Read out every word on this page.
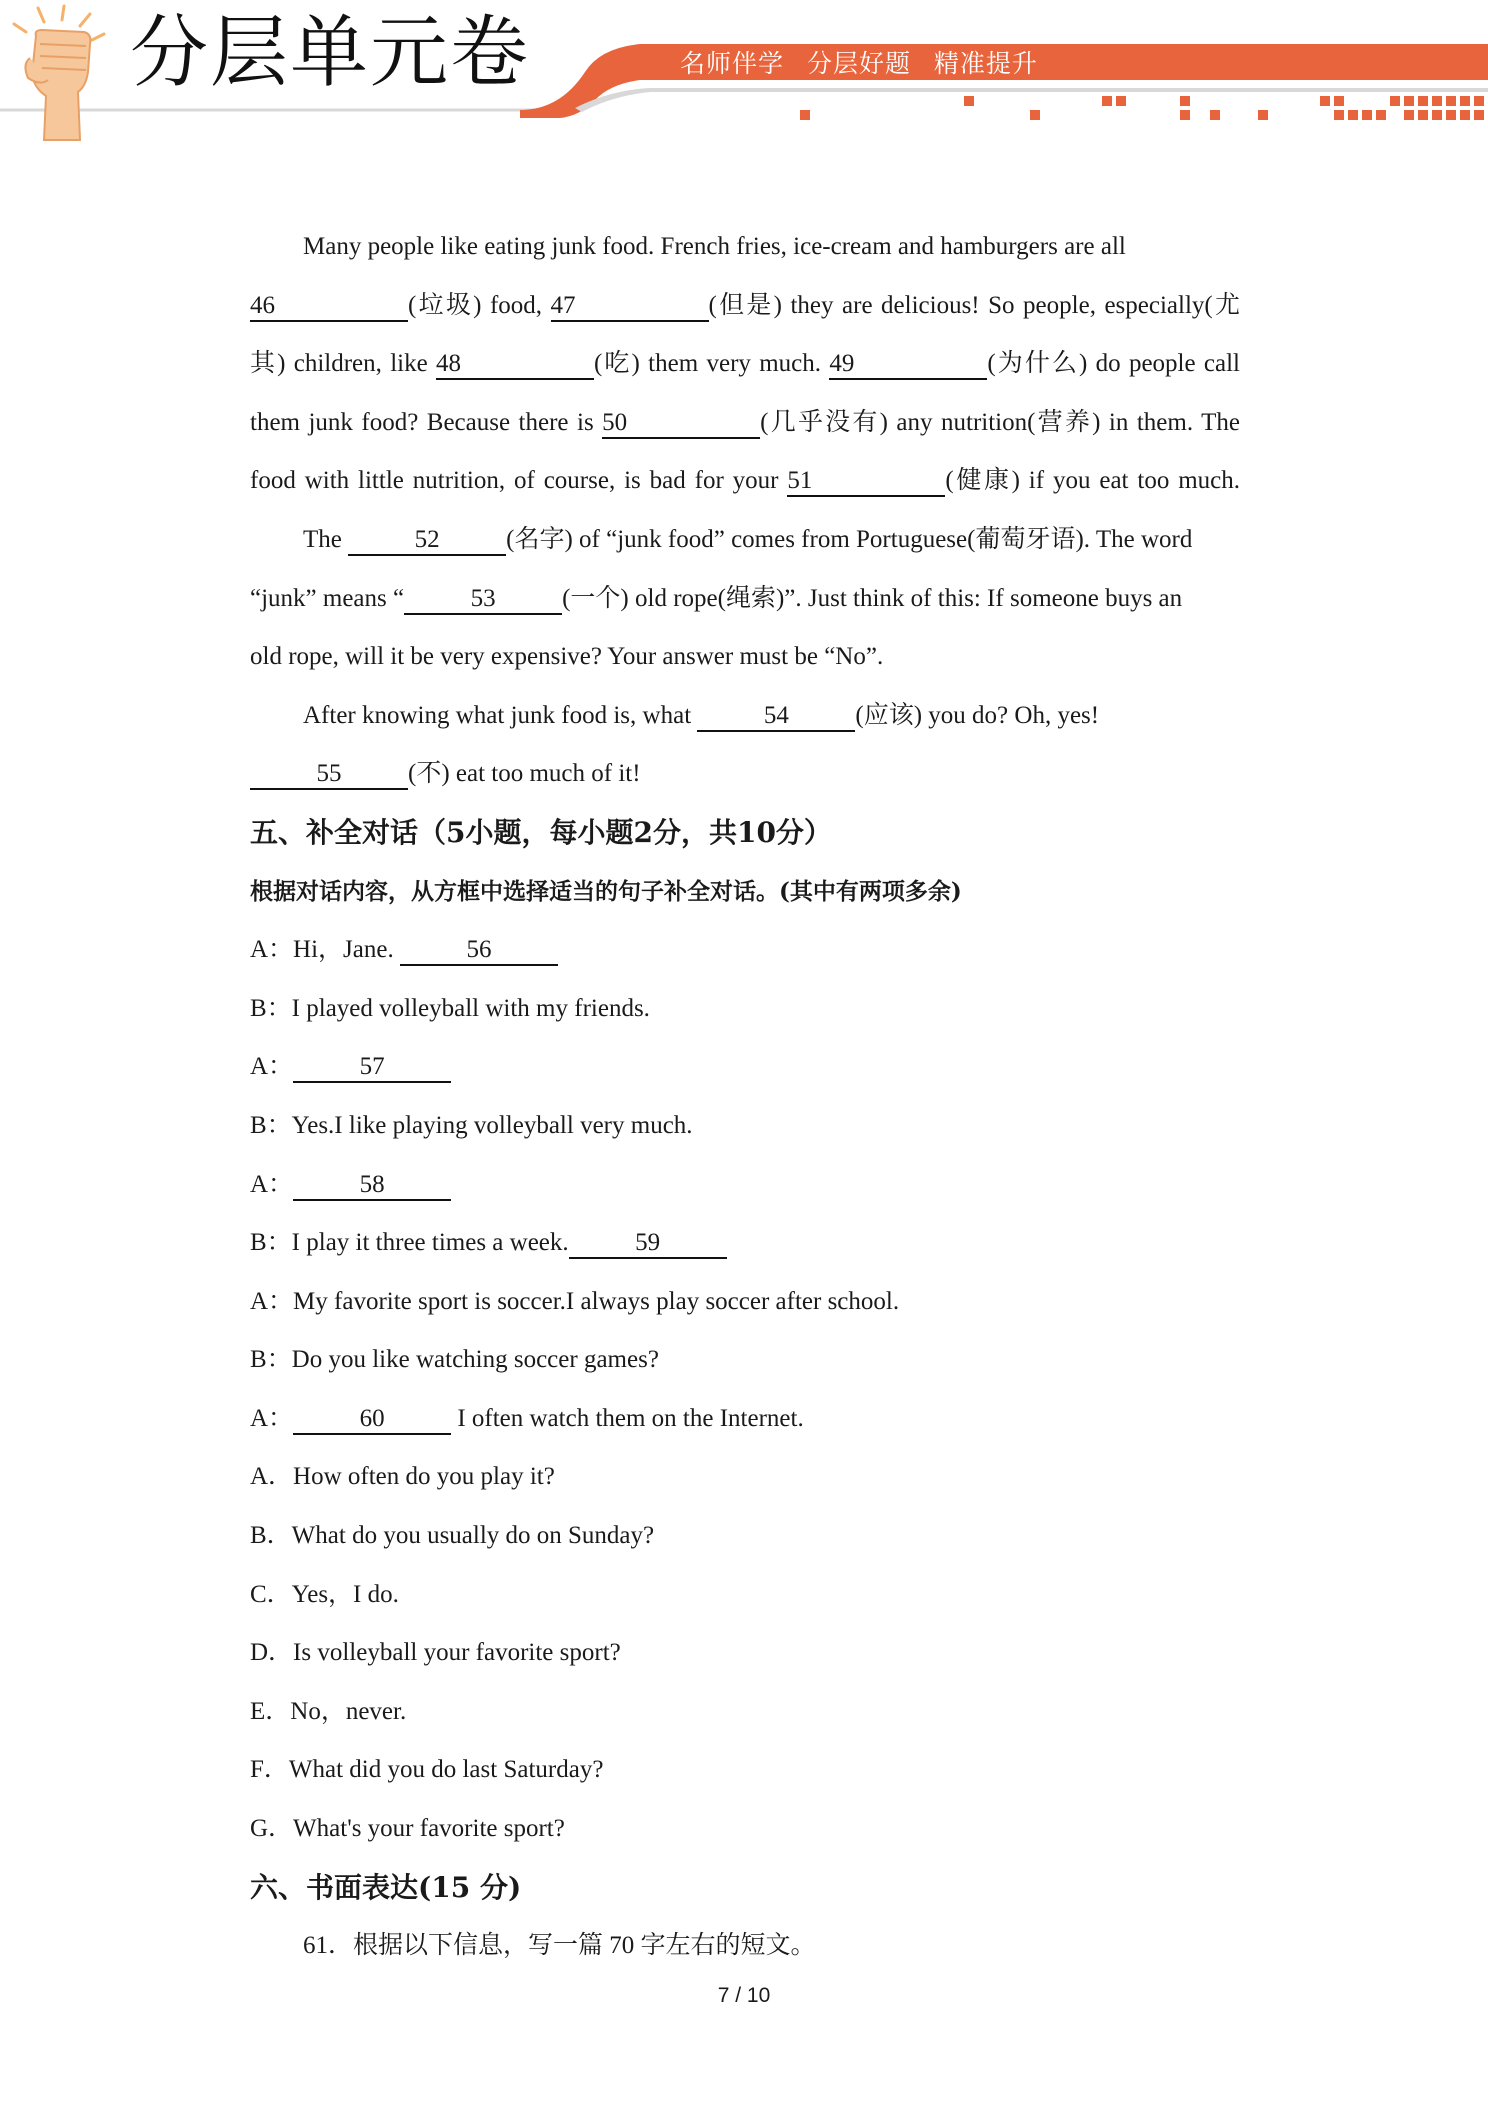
分层单元卷	名师伴学 分层好题 精准提升
Many people like eating junk food. French fries, ice-cream and hamburgers are all
46	(垃圾) food, 47	(但是) they are delicious! So people, especially(尤
其) children, like 48	(吃) them very much. 49	(为什么) do people call
them junk food? Because there is 50	(几乎没有) any nutrition(营养) in them. The
food with little nutrition, of course, is bad for your 51	(健康) if you eat too much.
The	52	(名字) of “junk food” comes from Portuguese(葡萄牙语). The word
“junk” means “	53	(一个) old rope(绳索)”. Just think of this: If someone buys an
old rope, will it be very expensive? Your answer must be “No”.
After knowing what junk food is, what	54	(应该) you do? Oh, yes!
55	(不) eat too much of it!
五、补全对话（5小题，每小题2分，共10分）
根据对话内容，从方框中选择适当的句子补全对话。(其中有两项多余)
A：Hi，Jane.	56
B：I played volleyball with my friends.
A：	57
B：Yes.I like playing volleyball very much.
A：	58
B：I play it three times a week.	59
A：My favorite sport is soccer.I always play soccer after school.
B：Do you like watching soccer games?
A：	60	I often watch them on the Internet.
A．How often do you play it?
B．What do you usually do on Sunday?
C．Yes，I do.
D．Is volleyball your favorite sport?
E．No，never.
F．What did you do last Saturday?
G．What's your favorite sport?
六、书面表达(15 分)
61．根据以下信息，写一篇 70 字左右的短文。
7 / 10
